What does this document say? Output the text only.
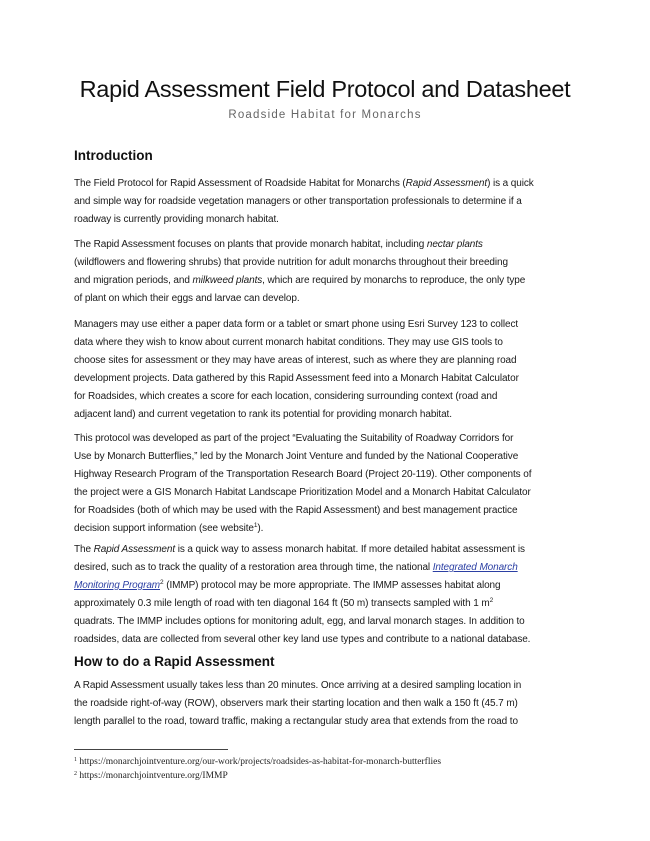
Rapid Assessment Field Protocol and Datasheet
Roadside Habitat for Monarchs
Introduction
The Field Protocol for Rapid Assessment of Roadside Habitat for Monarchs (Rapid Assessment) is a quick
and simple way for roadside vegetation managers or other transportation professionals to determine if a
roadway is currently providing monarch habitat.
The Rapid Assessment focuses on plants that provide monarch habitat, including nectar plants
(wildflowers and flowering shrubs) that provide nutrition for adult monarchs throughout their breeding
and migration periods, and milkweed plants, which are required by monarchs to reproduce, the only type
of plant on which their eggs and larvae can develop.
Managers may use either a paper data form or a tablet or smart phone using Esri Survey 123 to collect
data where they wish to know about current monarch habitat conditions. They may use GIS tools to
choose sites for assessment or they may have areas of interest, such as where they are planning road
development projects. Data gathered by this Rapid Assessment feed into a Monarch Habitat Calculator
for Roadsides, which creates a score for each location, considering surrounding context (road and
adjacent land) and current vegetation to rank its potential for providing monarch habitat.
This protocol was developed as part of the project “Evaluating the Suitability of Roadway Corridors for
Use by Monarch Butterflies,” led by the Monarch Joint Venture and funded by the National Cooperative
Highway Research Program of the Transportation Research Board (Project 20-119). Other components of
the project were a GIS Monarch Habitat Landscape Prioritization Model and a Monarch Habitat Calculator
for Roadsides (both of which may be used with the Rapid Assessment) and best management practice
decision support information (see website$^1$).
The Rapid Assessment is a quick way to assess monarch habitat. If more detailed habitat assessment is
desired, such as to track the quality of a restoration area through time, the national Integrated Monarch
Monitoring Program$^2$ (IMMP) protocol may be more appropriate. The IMMP assesses habitat along
approximately 0.3 mile length of road with ten diagonal 164 ft (50 m) transects sampled with 1 $m^2$
quadrats. The IMMP includes options for monitoring adult, egg, and larval monarch stages. In addition to
roadsides, data are collected from several other key land use types and contribute to a national database.
How to do a Rapid Assessment
A Rapid Assessment usually takes less than 20 minutes. Once arriving at a desired sampling location in
the roadside right-of-way (ROW), observers mark their starting location and then walk a 150 ft (45.7 m)
length parallel to the road, toward traffic, making a rectangular study area that extends from the road to
$^1$ https://monarchjointventure.org/our-work/projects/roadsides-as-habitat-for-monarch-butterflies
$^2$ https://monarchjointventure.org/IMMP
